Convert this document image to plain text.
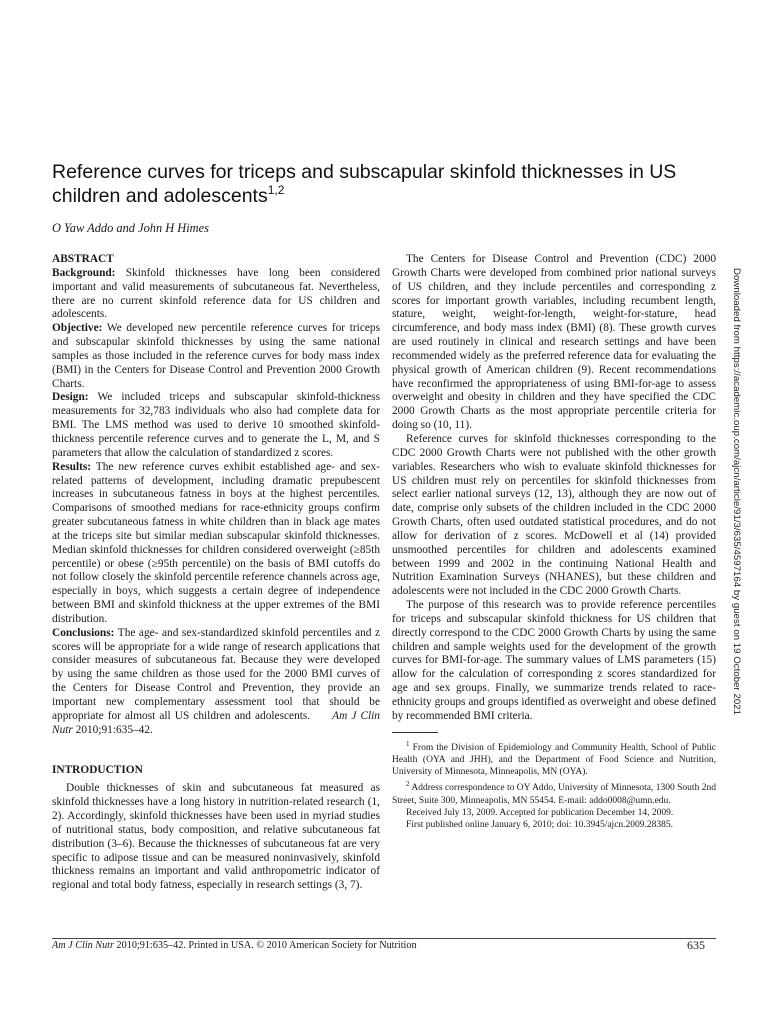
Reference curves for triceps and subscapular skinfold thicknesses in US children and adolescents$^{1,2}$
O Yaw Addo and John H Himes

ABSTRACT

Background: Skinfold thicknesses have long been considered important and valid measurements of subcutaneous fat. Nevertheless, there are no current skinfold reference data for US children and adolescents.

Objective: We developed new percentile reference curves for triceps and subscapular skinfold thicknesses by using the same national samples as those included in the reference curves for body mass index (BMI) in the Centers for Disease Control and Prevention 2000 Growth Charts.

Design: We included triceps and subscapular skinfold-thickness measurements for 32,783 individuals who also had complete data for BMI. The LMS method was used to derive 10 smoothed skinfold-thickness percentile reference curves and to generate the L, M, and S parameters that allow the calculation of standardized z scores.

Results: The new reference curves exhibit established age- and sex-related patterns of development, including dramatic prepubescent increases in subcutaneous fatness in boys at the highest percentiles. Comparisons of smoothed medians for race-ethnicity groups confirm greater subcutaneous fatness in white children than in black age mates at the triceps site but similar median subscapular skinfold thicknesses. Median skinfold thicknesses for children considered overweight (≥85th percentile) or obese (≥95th percentile) on the basis of BMI cutoffs do not follow closely the skinfold percentile reference channels across age, especially in boys, which suggests a certain degree of independence between BMI and skinfold thickness at the upper extremes of the BMI distribution.

Conclusions: The age- and sex-standardized skinfold percentiles and z scores will be appropriate for a wide range of research applications that consider measures of subcutaneous fat. Because they were developed by using the same children as those used for the 2000 BMI curves of the Centers for Disease Control and Prevention, they provide an important new complementary assessment tool that should be appropriate for almost all US children and adolescents. Am J Clin Nutr 2010;91:635–42.

INTRODUCTION

Double thicknesses of skin and subcutaneous fat measured as skinfold thicknesses have a long history in nutrition-related research (1, 2). Accordingly, skinfold thicknesses have been used in myriad studies of nutritional status, body composition, and relative subcutaneous fat distribution (3–6). Because the thicknesses of subcutaneous fat are very specific to adipose tissue and can be measured noninvasively, skinfold thickness remains an important and valid anthropometric indicator of regional and total body fatness, especially in research settings (3, 7).

The Centers for Disease Control and Prevention (CDC) 2000 Growth Charts were developed from combined prior national surveys of US children, and they include percentiles and corresponding z scores for important growth variables, including recumbent length, stature, weight, weight-for-length, weight-for-stature, head circumference, and body mass index (BMI) (8). These growth curves are used routinely in clinical and research settings and have been recommended widely as the preferred reference data for evaluating the physical growth of American children (9). Recent recommendations have reconfirmed the appropriateness of using BMI-for-age to assess overweight and obesity in children and they have specified the CDC 2000 Growth Charts as the most appropriate percentile criteria for doing so (10, 11).

Reference curves for skinfold thicknesses corresponding to the CDC 2000 Growth Charts were not published with the other growth variables. Researchers who wish to evaluate skinfold thicknesses for US children must rely on percentiles for skinfold thicknesses from select earlier national surveys (12, 13), although they are now out of date, comprise only subsets of the children included in the CDC 2000 Growth Charts, often used outdated statistical procedures, and do not allow for derivation of z scores. McDowell et al (14) provided unsmoothed percentiles for children and adolescents examined between 1999 and 2002 in the continuing National Health and Nutrition Examination Surveys (NHANES), but these children and adolescents were not included in the CDC 2000 Growth Charts.

The purpose of this research was to provide reference percentiles for triceps and subscapular skinfold thickness for US children that directly correspond to the CDC 2000 Growth Charts by using the same children and sample weights used for the development of the growth curves for BMI-for-age. The summary values of LMS parameters (15) allow for the calculation of corresponding z scores standardized for age and sex groups. Finally, we summarize trends related to race-ethnicity groups and groups identified as overweight and obese defined by recommended BMI criteria.

$^1$ From the Division of Epidemiology and Community Health, School of Public Health (OYA and JHH), and the Department of Food Science and Nutrition, University of Minnesota, Minneapolis, MN (OYA).

$^2$ Address correspondence to OY Addo, University of Minnesota, 1300 South 2nd Street, Suite 300, Minneapolis, MN 55454. E-mail: addo0008@umn.edu.

Received July 13, 2009. Accepted for publication December 14, 2009.

First published online January 6, 2010; doi: 10.3945/ajcn.2009.28385.

Am J Clin Nutr 2010;91:635–42. Printed in USA. © 2010 American Society for Nutrition	635
Downloaded from https://academic.oup.com/ajcn/article/91/3/635/4597164 by guest on 19 October 2021
